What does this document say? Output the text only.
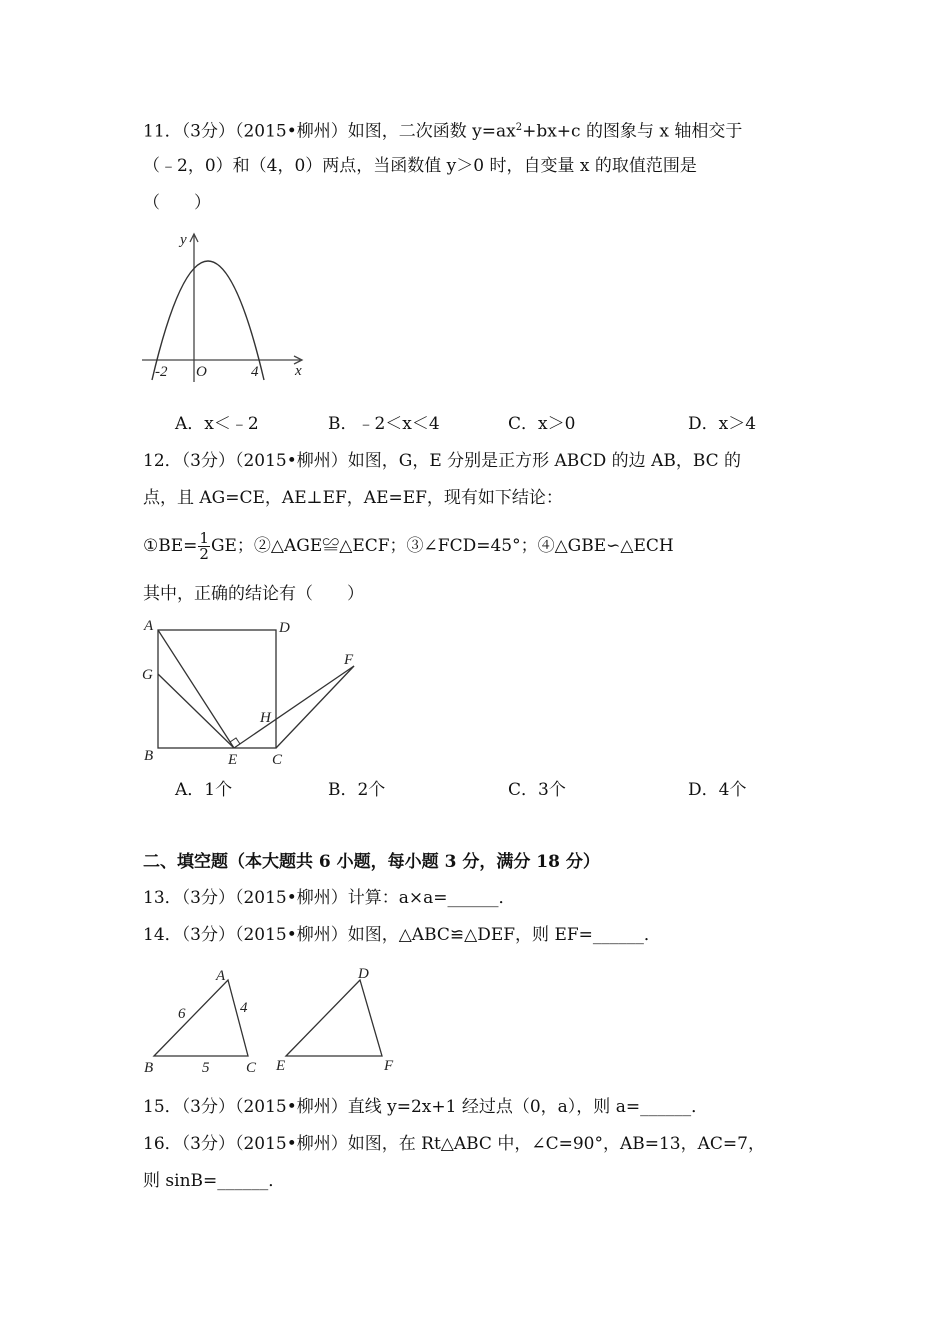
11．（3分）（2015•柳州）如图，二次函数 $y=ax^2+bx+c$ 的图象与 x 轴相交于
（﹣2，0）和（4，0）两点，当函数值 y＞0 时，自变量 x 的取值范围是
（　　）
y
x
O
-2	4
A．x＜﹣2	B．﹣2＜x＜4	C．x＞0	D．x＞4
12．（3分）（2015•柳州）如图，G，E 分别是正方形 ABCD 的边 AB，BC 的
点，且 AG=CE，AE⊥EF，AE=EF，现有如下结论：
①BE= $\frac{1}{2}$ GE；②△AGE≌△ECF；③∠FCD=45°；④△GBE∽△ECH
其中，正确的结论有（　　）
A	D
G
F
H
B	E C
A．1个	B．2个	C．3个	D．4个
二、填空题（本大题共 6 小题，每小题 3 分，满分 18 分）
13．（3分）（2015•柳州）计算：a×a=______．
14．（3分）（2015•柳州）如图，△ABC≌△DEF，则 EF=______．
A
B	C
6	4
5
D
E	F
15．（3分）（2015•柳州）直线 y=2x+1 经过点（0，a），则 a=______．
16．（3分）（2015•柳州）如图，在 Rt△ABC 中，∠C=90°，AB=13，AC=7，
则 sinB=______．
